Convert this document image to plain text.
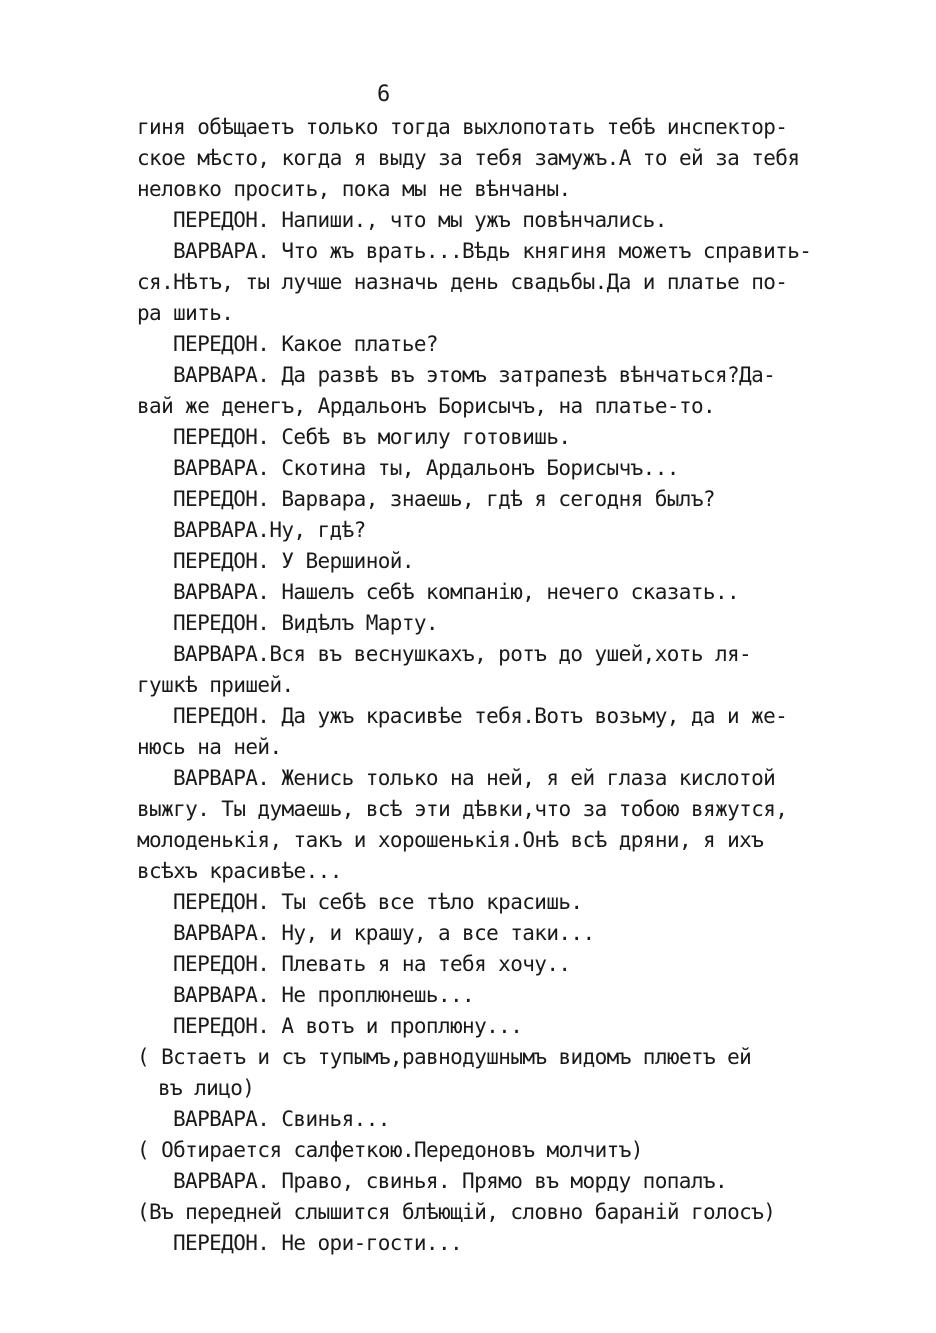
6
гиня обѣщаетъ только тогда выхлопотать тебѣ инспектор-
ское мѣсто, когда я выду за тебя замужъ.А то ей за тебя
неловко просить, пока мы не вѣнчаны.
ПЕРЕДОН. Напиши., что мы ужъ повѣнчались.
ВАРВАРА. Что жъ врать...Вѣдь княгиня можетъ справить-
ся.Нѣтъ, ты лучше назначь день свадьбы.Да и платье по-
ра шить.
ПЕРЕДОН. Какое платье?
ВАРВАРА. Да развѣ въ этомъ затрапезѣ вѣнчаться?Да-
вай же денегъ, Ардальонъ Борисычъ, на платье-то.
ПЕРЕДОН. Себѣ въ могилу готовишь.
ВАРВАРА. Скотина ты, Ардальонъ Борисычъ...
ПЕРЕДОН. Варвара, знаешь, гдѣ я сегодня былъ?
ВАРВАРА.Ну, гдѣ?
ПЕРЕДОН. У Вершиной.
ВАРВАРА. Нашелъ себѣ компанію, нечего сказать..
ПЕРЕДОН. Видѣлъ Марту.
ВАРВАРА.Вся въ веснушкахъ, ротъ до ушей,хоть ля-
гушкѣ пришей.
ПЕРЕДОН. Да ужъ красивѣе тебя.Вотъ возьму, да и же-
нюсь на ней.
ВАРВАРА. Женись только на ней, я ей глаза кислотой
выжгу. Ты думаешь, всѣ эти дѣвки,что за тобою вяжутся,
молоденькія, такъ и хорошенькія.Онѣ всѣ дряни, я ихъ
всѣхъ красивѣе...
ПЕРЕДОН. Ты себѣ все тѣло красишь.
ВАРВАРА. Ну, и крашу, а все таки...
ПЕРЕДОН. Плевать я на тебя хочу..
ВАРВАРА. Не проплюнешь...
ПЕРЕДОН. А вотъ и проплюну...
( Встаетъ и съ тупымъ,равнодушнымъ видомъ плюетъ ей
въ лицо)
ВАРВАРА. Свинья...
( Обтирается салфеткою.Передоновъ молчитъ)
ВАРВАРА. Право, свинья. Прямо въ морду попалъ.
(Въ передней слышится блѣющій, словно бараній голосъ)
ПЕРЕДОН. Не ори-гости...
